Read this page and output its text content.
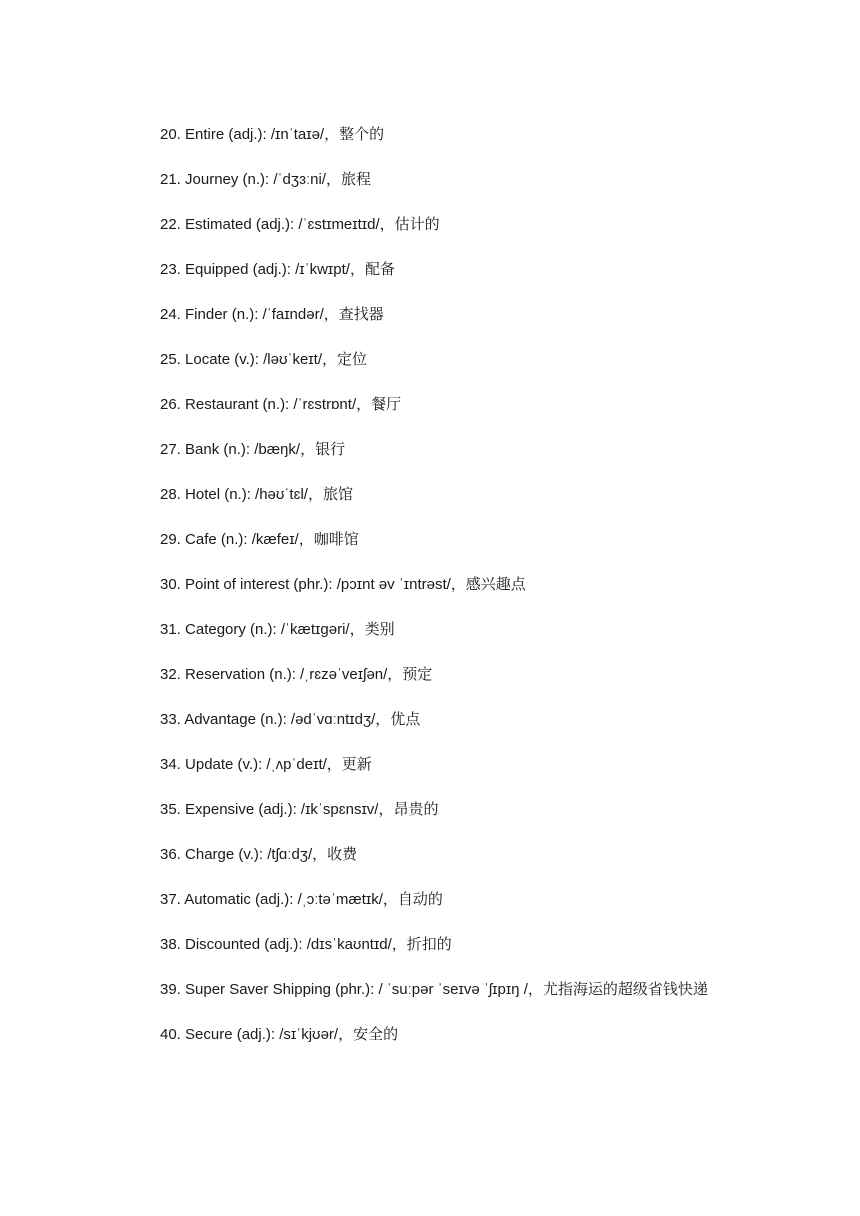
20. Entire (adj.): /ɪnˈtaɪə/，整个的
21. Journey (n.): /ˈdʒɜːni/，旅程
22. Estimated (adj.): /ˈɛstɪmeɪtɪd/，估计的
23. Equipped (adj.): /ɪˈkwɪpt/，配备
24. Finder (n.): /ˈfaɪndər/，查找器
25. Locate (v.): /ləʊˈkeɪt/，定位
26. Restaurant (n.): /ˈrɛstrɒnt/，餐厅
27. Bank (n.): /bæŋk/，银行
28. Hotel (n.): /həʊˈtɛl/，旅馆
29. Cafe (n.): /kæfeɪ/，咖啡馆
30. Point of interest (phr.): /pɔɪnt əv ˈɪntrəst/，感兴趣点
31. Category (n.): /ˈkætɪgəri/，类别
32. Reservation (n.): /ˌrɛzəˈveɪʃən/，预定
33. Advantage (n.): /ədˈvɑːntɪdʒ/，优点
34. Update (v.): /ˌʌpˈdeɪt/，更新
35. Expensive (adj.): /ɪkˈspɛnsɪv/，昂贵的
36. Charge (v.): /tʃɑːdʒ/，收费
37. Automatic (adj.): /ˌɔːtəˈmætɪk/，自动的
38. Discounted (adj.): /dɪsˈkaʊntɪd/，折扣的
39. Super Saver Shipping (phr.): / ˈsuːpər ˈseɪvə ˈʃɪpɪŋ /，尤指海运的超级省钱快递
40. Secure (adj.): /sɪˈkjʊər/，安全的
